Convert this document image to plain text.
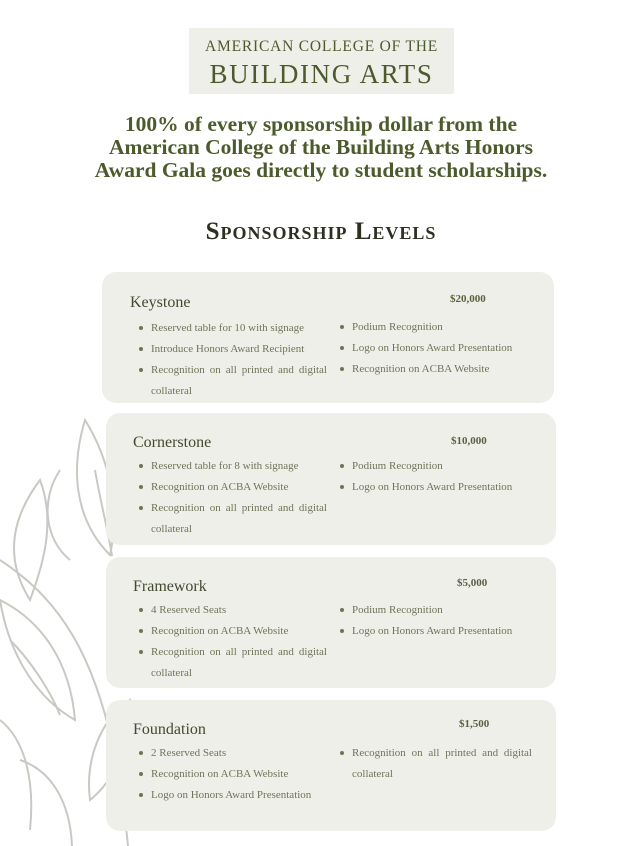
AMERICAN COLLEGE OF THE
BUILDING ARTS
100% of every sponsorship dollar from the American College of the Building Arts Honors Award Gala goes directly to student scholarships.
Sponsorship Levels
Keystone	$20,000
Reserved table for 10 with signage
Introduce Honors Award Recipient
Recognition on all printed and digital collateral
Podium Recognition
Logo on Honors Award Presentation
Recognition on ACBA Website
Cornerstone	$10,000
Reserved table for 8 with signage
Recognition on ACBA Website
Recognition on all printed and digital collateral
Podium Recognition
Logo on Honors Award Presentation
Framework	$5,000
4 Reserved Seats
Recognition on ACBA Website
Recognition on all printed and digital collateral
Podium Recognition
Logo on Honors Award Presentation
Foundation	$1,500
2 Reserved Seats
Recognition on ACBA Website
Logo on Honors Award Presentation
Recognition on all printed and digital collateral
